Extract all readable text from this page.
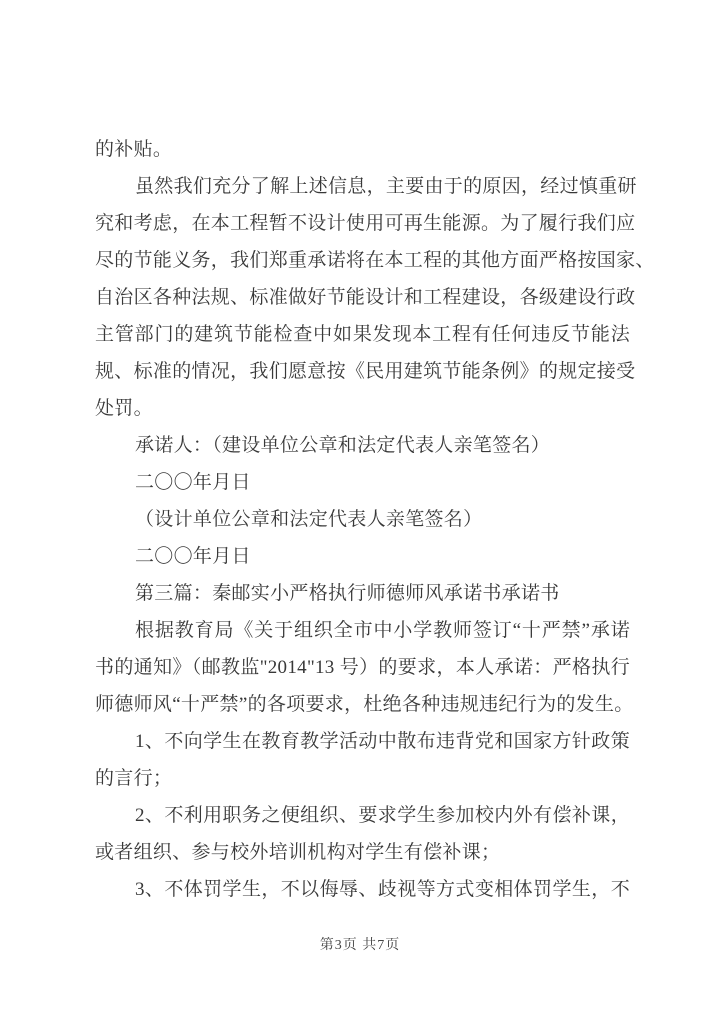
的补贴。
虽然我们充分了解上述信息，主要由于的原因，经过慎重研
究和考虑，在本工程暂不设计使用可再生能源。为了履行我们应
尽的节能义务，我们郑重承诺将在本工程的其他方面严格按国家、
自治区各种法规、标准做好节能设计和工程建设，各级建设行政
主管部门的建筑节能检查中如果发现本工程有任何违反节能法
规、标准的情况，我们愿意按《民用建筑节能条例》的规定接受
处罚。
承诺人：（建设单位公章和法定代表人亲笔签名）
二〇〇年月日
（设计单位公章和法定代表人亲笔签名）
二〇〇年月日
第三篇：秦邮实小严格执行师德师风承诺书承诺书
根据教育局《关于组织全市中小学教师签订“十严禁”承诺
书的通知》（邮教监"2014"13 号）的要求，本人承诺：严格执行
师德师风“十严禁”的各项要求，杜绝各种违规违纪行为的发生。
1、不向学生在教育教学活动中散布违背党和国家方针政策
的言行；
2、不利用职务之便组织、要求学生参加校内外有偿补课，
或者组织、参与校外培训机构对学生有偿补课；
3、不体罚学生，不以侮辱、歧视等方式变相体罚学生，不
第3页 共7页
